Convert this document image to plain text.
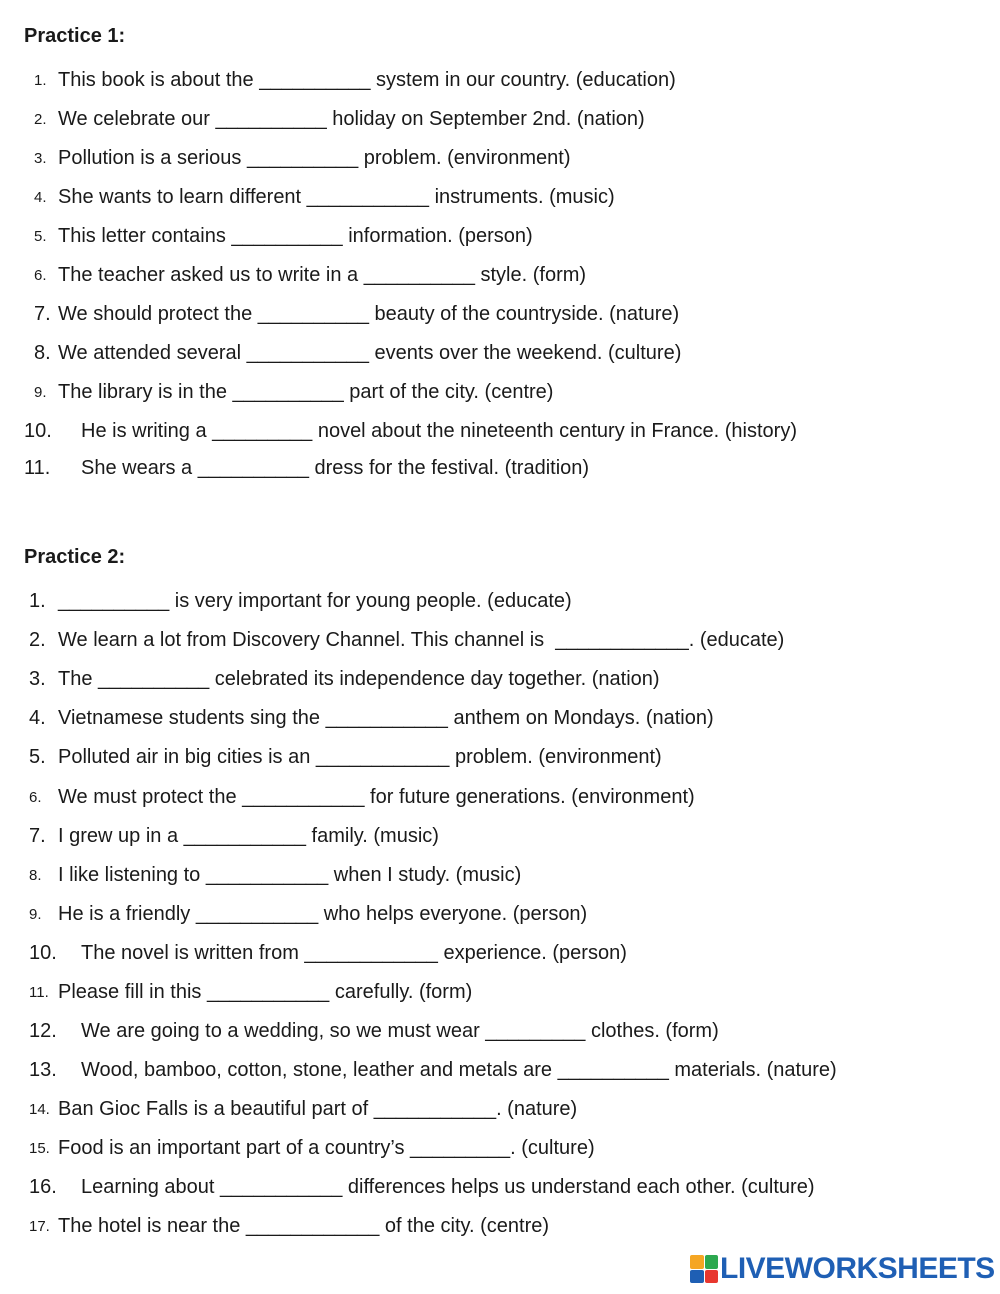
Practice 1:
1. This book is about the __________ system in our country. (education)
2. We celebrate our __________ holiday on September 2nd. (nation)
3. Pollution is a serious __________ problem. (environment)
4. She wants to learn different ___________ instruments. (music)
5. This letter contains __________ information. (person)
6. The teacher asked us to write in a __________ style. (form)
7. We should protect the __________ beauty of the countryside. (nature)
8. We attended several ___________ events over the weekend. (culture)
9. The library is in the __________ part of the city. (centre)
10. He is writing a _________ novel about the nineteenth century in France. (history)
11. She wears a __________ dress for the festival. (tradition)
Practice 2:
1. __________ is very important for young people. (educate)
2. We learn a lot from Discovery Channel. This channel is  ____________. (educate)
3. The __________ celebrated its independence day together. (nation)
4. Vietnamese students sing the ___________ anthem on Mondays. (nation)
5. Polluted air in big cities is an ____________ problem. (environment)
6. We must protect the ___________ for future generations. (environment)
7. I grew up in a ___________ family. (music)
8. I like listening to ___________ when I study. (music)
9. He is a friendly ___________ who helps everyone. (person)
10. The novel is written from ____________ experience. (person)
11. Please fill in this ___________ carefully. (form)
12. We are going to a wedding, so we must wear _________ clothes. (form)
13. Wood, bamboo, cotton, stone, leather and metals are __________ materials. (nature)
14. Ban Gioc Falls is a beautiful part of ___________. (nature)
15. Food is an important part of a country’s _________. (culture)
16. Learning about ___________ differences helps us understand each other. (culture)
17. The hotel is near the ____________ of the city. (centre)
LIVEWORKSHEETS
